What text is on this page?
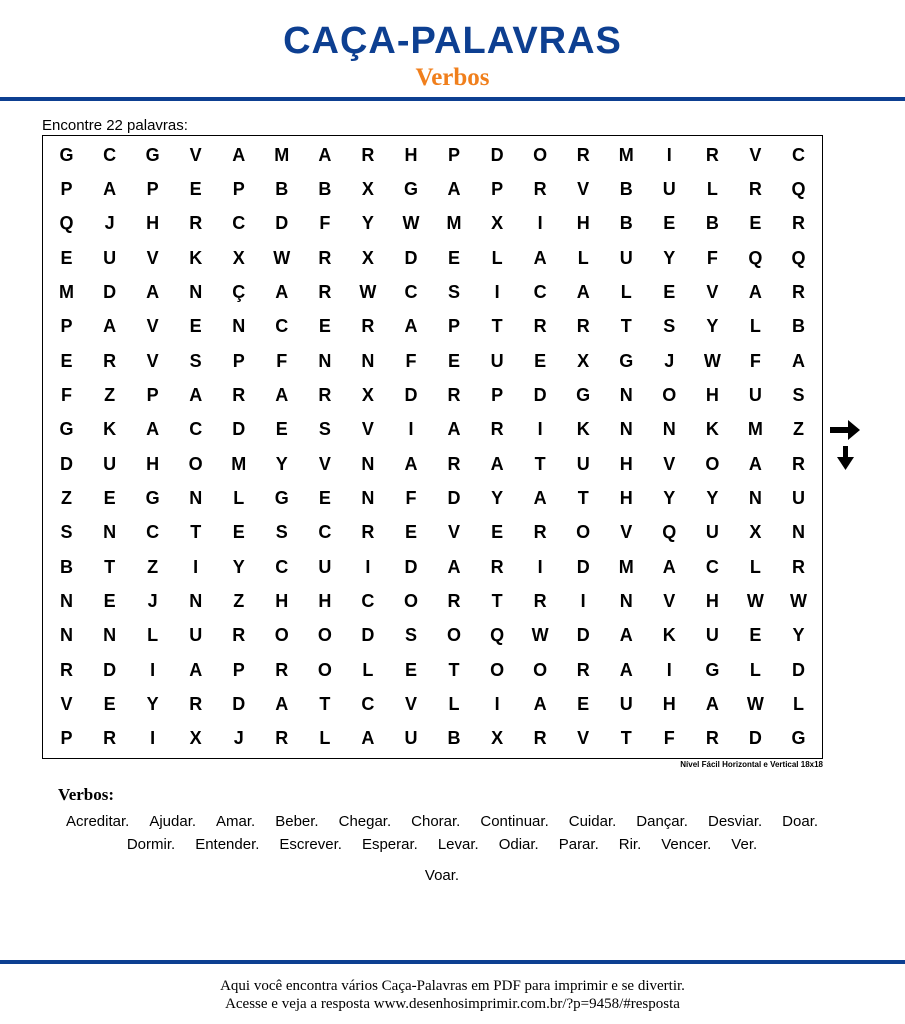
CAÇA-PALAVRAS
Verbos
Encontre 22 palavras:
G	C	G	V	A	M	A	R	H	P	D	O	R	M	I	R	V	C
P	A	P	E	P	B	B	X	G	A	P	R	V	B	U	L	R	Q
Q	J	H	R	C	D	F	Y	W	M	X	I	H	B	E	B	E	R
E	U	V	K	X	W	R	X	D	E	L	A	L	U	Y	F	Q	Q
M	D	A	N	Ç	A	R	W	C	S	I	C	A	L	E	V	A	R
P	A	V	E	N	C	E	R	A	P	T	R	R	T	S	Y	L	B
E	R	V	S	P	F	N	N	F	E	U	E	X	G	J	W	F	A
F	Z	P	A	R	A	R	X	D	R	P	D	G	N	O	H	U	S
G	K	A	C	D	E	S	V	I	A	R	I	K	N	N	K	M	Z
D	U	H	O	M	Y	V	N	A	R	A	T	U	H	V	O	A	R
Z	E	G	N	L	G	E	N	F	D	Y	A	T	H	Y	Y	N	U
S	N	C	T	E	S	C	R	E	V	E	R	O	V	Q	U	X	N
B	T	Z	I	Y	C	U	I	D	A	R	I	D	M	A	C	L	R
N	E	J	N	Z	H	H	C	O	R	T	R	I	N	V	H	W	W
N	N	L	U	R	O	O	D	S	O	Q	W	D	A	K	U	E	Y
R	D	I	A	P	R	O	L	E	T	O	O	R	A	I	G	L	D
V	E	Y	R	D	A	T	C	V	L	I	A	E	U	H	A	W	L
P	R	I	X	J	R	L	A	U	B	X	R	V	T	F	R	D	G
Nível Fácil Horizontal e Vertical 18x18
Verbos:
Acreditar. Ajudar. Amar. Beber. Chegar. Chorar. Continuar. Cuidar. Dançar. Desviar. Doar.
Dormir. Entender. Escrever. Esperar. Levar. Odiar. Parar. Rir. Vencer. Ver.
Voar.
Aqui você encontra vários Caça-Palavras em PDF para imprimir e se divertir.
Acesse e veja a resposta www.desenhosimprimir.com.br/?p=9458/#resposta
